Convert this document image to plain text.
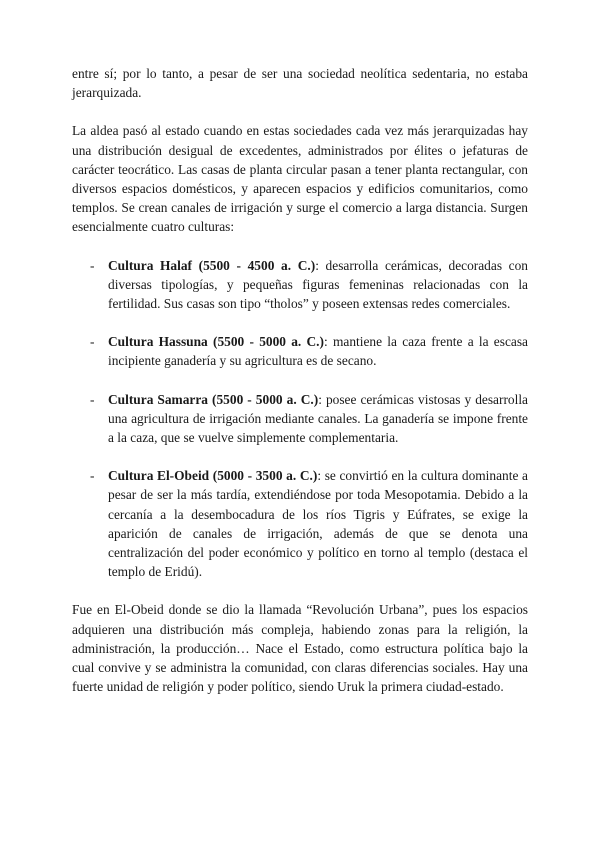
entre sí; por lo tanto, a pesar de ser una sociedad neolítica sedentaria, no estaba jerarquizada.

La aldea pasó al estado cuando en estas sociedades cada vez más jerarquizadas hay una distribución desigual de excedentes, administrados por élites o jefaturas de carácter teocrático. Las casas de planta circular pasan a tener planta rectangular, con diversos espacios domésticos, y aparecen espacios y edificios comunitarios, como templos. Se crean canales de irrigación y surge el comercio a larga distancia. Surgen esencialmente cuatro culturas:

- Cultura Halaf (5500 - 4500 a. C.): desarrolla cerámicas, decoradas con diversas tipologías, y pequeñas figuras femeninas relacionadas con la fertilidad. Sus casas son tipo “tholos” y poseen extensas redes comerciales.
- Cultura Hassuna (5500 - 5000 a. C.): mantiene la caza frente a la escasa incipiente ganadería y su agricultura es de secano.
- Cultura Samarra (5500 - 5000 a. C.): posee cerámicas vistosas y desarrolla una agricultura de irrigación mediante canales. La ganadería se impone frente a la caza, que se vuelve simplemente complementaria.
- Cultura El-Obeid (5000 - 3500 a. C.): se convirtió en la cultura dominante a pesar de ser la más tardía, extendiéndose por toda Mesopotamia. Debido a la cercanía a la desembocadura de los ríos Tigris y Eúfrates, se exige la aparición de canales de irrigación, además de que se denota una centralización del poder económico y político en torno al templo (destaca el templo de Eridú).

Fue en El-Obeid donde se dio la llamada “Revolución Urbana”, pues los espacios adquieren una distribución más compleja, habiendo zonas para la religión, la administración, la producción… Nace el Estado, como estructura política bajo la cual convive y se administra la comunidad, con claras diferencias sociales. Hay una fuerte unidad de religión y poder político, siendo Uruk la primera ciudad-estado.
